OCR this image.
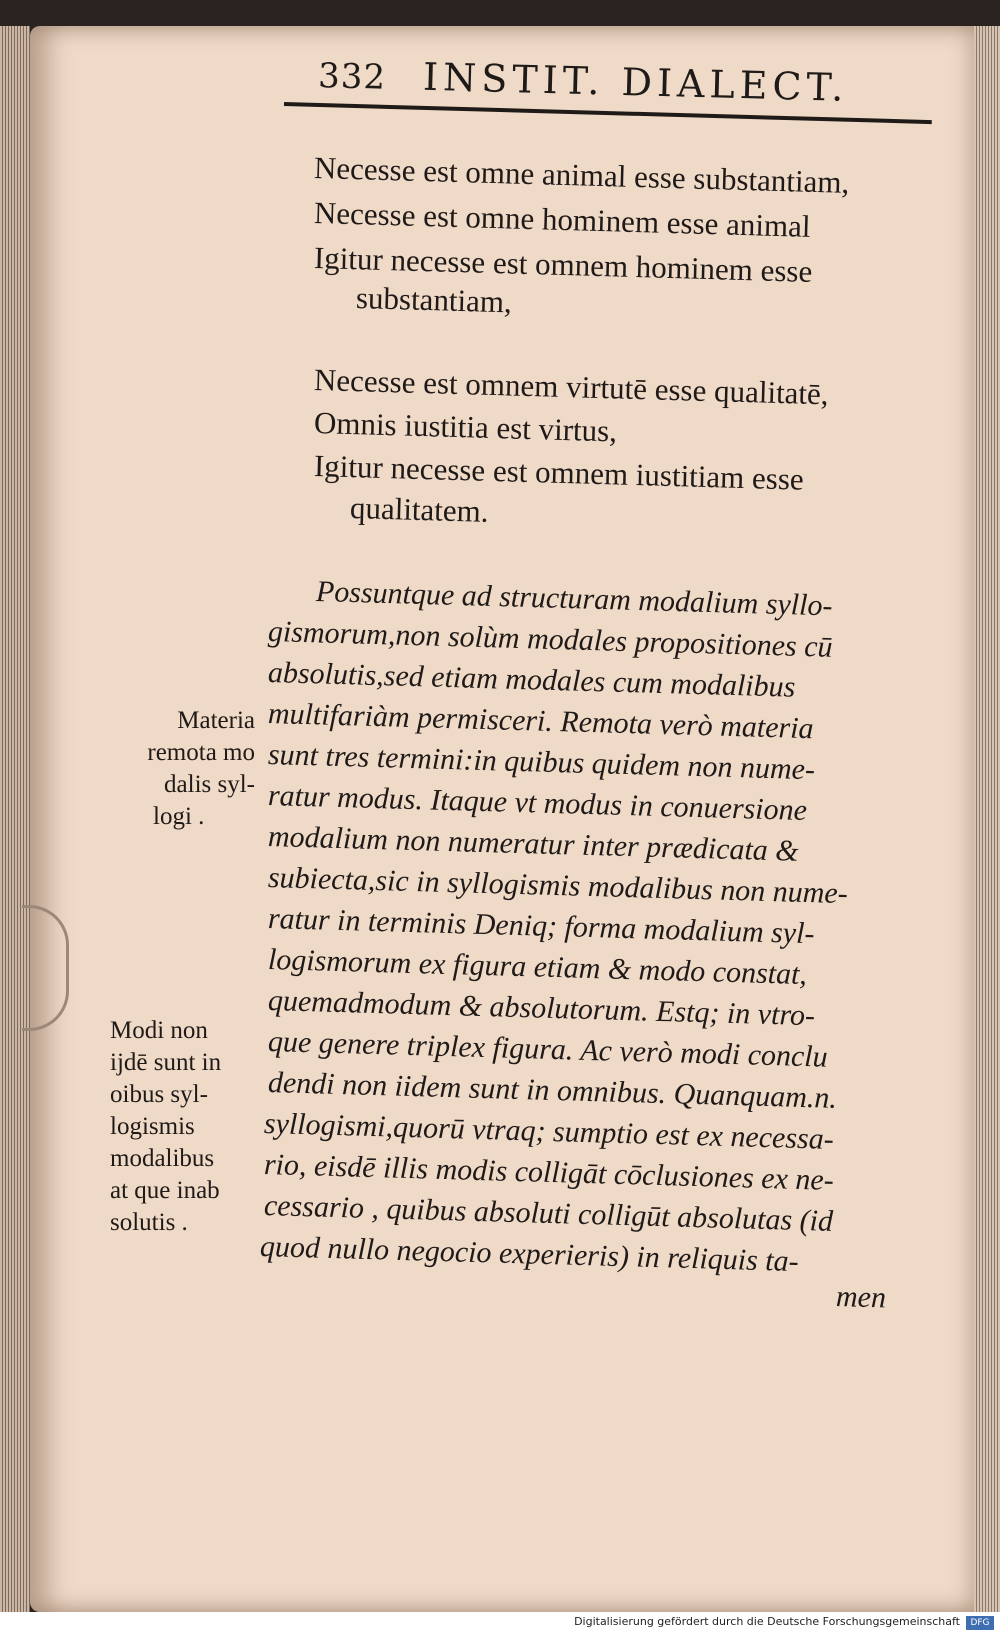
332 INSTIT. DIALECT.
Necesse est omne animal esse substantiam,
Necesse est omne hominem esse animal
Igitur necesse est omnem hominem esse
substantiam,
Necesse est omnem virtutē esse qualitatē,
Omnis iustitia est virtus,
Igitur necesse est omnem iustitiam esse
qualitatem.
Possuntque ad structuram modalium syllo-
gismorum,non solùm modales propositiones cū
absolutis,sed etiam modales cum modalibus
multifariàm permisceri. Remota verò materia
sunt tres termini:in quibus quidem non nume-
ratur modus. Itaque vt modus in conuersione
modalium non numeratur inter prædicata &
subiecta,sic in syllogismis modalibus non nume-
ratur in terminis Deniq; forma modalium syl-
logismorum ex figura etiam & modo constat,
quemadmodum & absolutorum. Estq; in vtro-
que genere triplex figura. Ac verò modi conclu
dendi non iidem sunt in omnibus. Quanquam.n.
syllogismi,quorū vtraq; sumptio est ex necessa-
rio, eisdē illis modis colligāt cōclusiones ex ne-
cessario , quibus absoluti colligūt absolutas (id
quod nullo negocio experieris) in reliquis ta-
men
Materia
remota mo
dalis syl-
logi .
Modi non
ijdē sunt in
oibus syl-
logismis
modalibus
at que inab
solutis .
Digitalisierung gefördert durch die Deutsche Forschungsgemeinschaft	DFG
